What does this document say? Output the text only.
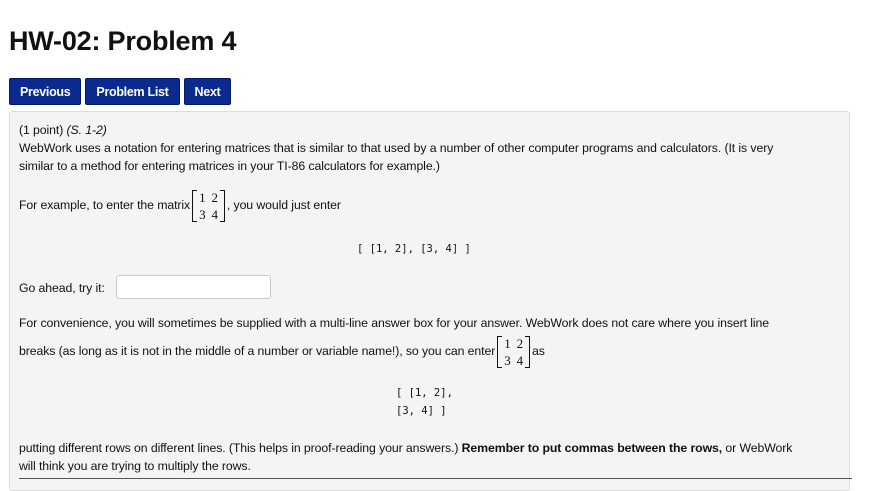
HW-02: Problem 4
Previous	Problem List	Next
(1 point) (S. 1-2)
WebWork uses a notation for entering matrices that is similar to that used by a number of other computer programs and calculators. (It is very
similar to a method for entering matrices in your TI-86 calculators for example.)
For example, to enter the matrix
1	2
3	4
, you would just enter
[ [1, 2], [3, 4] ]
Go ahead, try it:
For convenience, you will sometimes be supplied with a multi-line answer box for your answer. WebWork does not care where you insert line
breaks (as long as it is not in the middle of a number or variable name!), so you can enter
1	2
3	4
as
[ [1, 2],
[3, 4] ]
putting different rows on different lines. (This helps in proof-reading your answers.) Remember to put commas between the rows, or WebWork
will think you are trying to multiply the rows.
